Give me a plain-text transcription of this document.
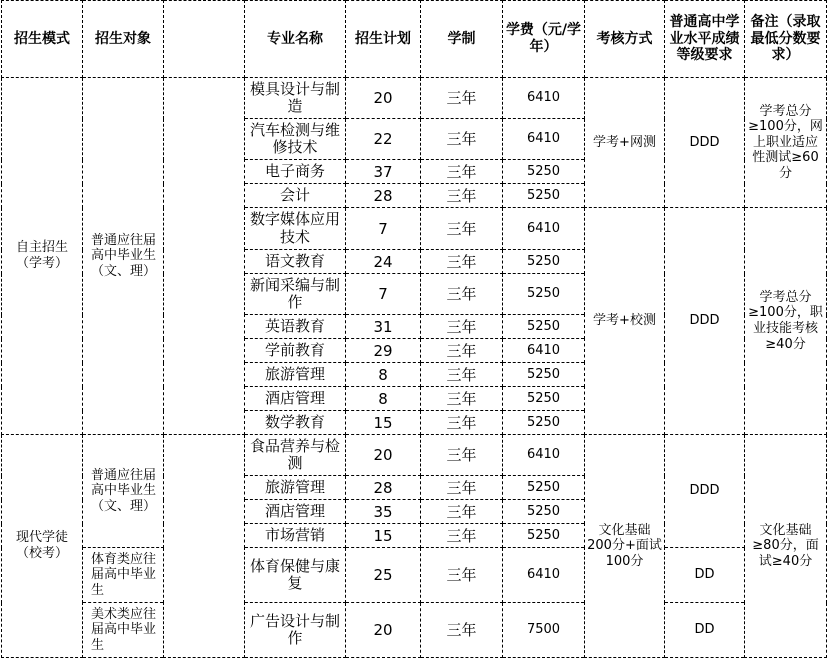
招生模式	招生对象		专业名称	招生计划	学制	学费（元/学年）	考核方式	普通高中学业水平成绩等级要求	备注（录取最低分数要求）
自主招生（学考）	普通应往届高中毕业生（文、理）		模具设计与制造	20	三年	6410	学考+网测	DDD	学考总分≥100分，网上职业适应性测试≥60分
			汽车检测与维修技术	22	三年	6410			
			电子商务	37	三年	5250			
			会计	28	三年	5250			
			数字媒体应用技术	7	三年	6410	学考+校测	DDD	学考总分≥100分，职业技能考核≥40分
			语文教育	24	三年	5250			
			新闻采编与制作	7	三年	5250			
			英语教育	31	三年	5250			
			学前教育	29	三年	6410			
			旅游管理	8	三年	5250			
			酒店管理	8	三年	5250			
			数学教育	15	三年	5250			
现代学徒（校考）	普通应往届高中毕业生（文、理）		食品营养与检测	20	三年	6410	文化基础200分+面试100分	DDD	文化基础≥80分，面试≥40分
			旅游管理	28	三年	5250			
			酒店管理	35	三年	5250			
			市场营销	15	三年	5250			
	体育类应往届高中毕业生		体育保健与康复	25	三年	6410		DD	
	美术类应往届高中毕业生		广告设计与制作	20	三年	7500		DD	
